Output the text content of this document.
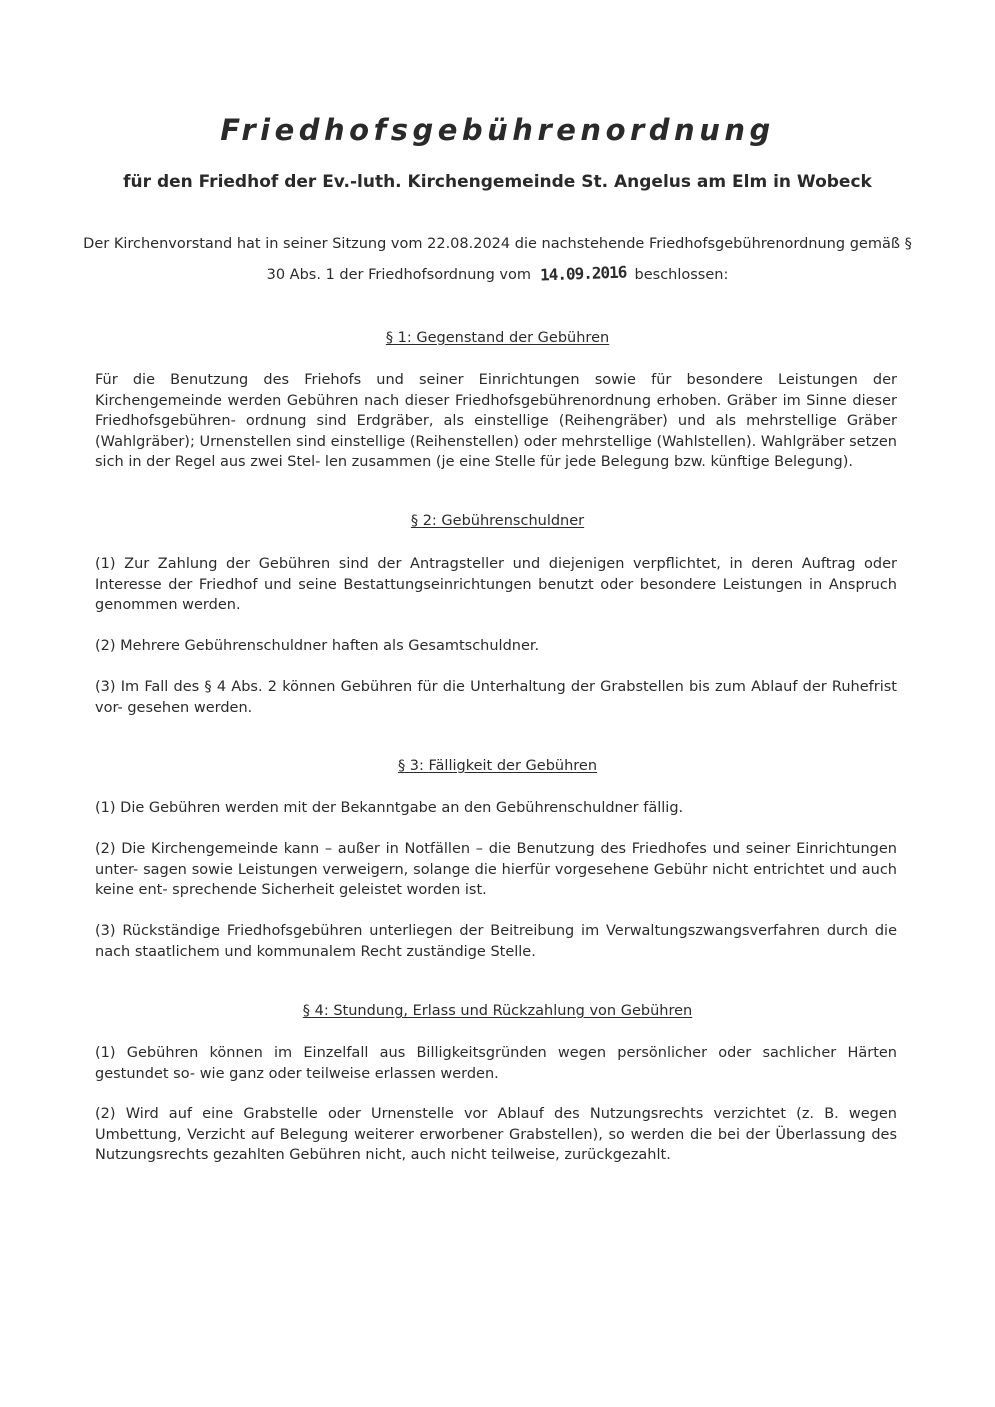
Friedhofsgebührenordnung

für den Friedhof der Ev.-luth. Kirchengemeinde St. Angelus am Elm in Wobeck

Der Kirchenvorstand hat in seiner Sitzung vom 22.08.2024 die nachstehende Friedhofsgebührenordnung gemäß § 30 Abs. 1 der Friedhofsordnung vom 14.09.2016 beschlossen:

§ 1: Gegenstand der Gebühren

Für die Benutzung des Friehofs und seiner Einrichtungen sowie für besondere Leistungen der Kirchengemeinde werden Gebühren nach dieser Friedhofsgebührenordnung erhoben. Gräber im Sinne dieser Friedhofsgebühren- ordnung sind Erdgräber, als einstellige (Reihengräber) und als mehrstellige Gräber (Wahlgräber); Urnenstellen sind einstellige (Reihenstellen) oder mehrstellige (Wahlstellen). Wahlgräber setzen sich in der Regel aus zwei Stel- len zusammen (je eine Stelle für jede Belegung bzw. künftige Belegung).

§ 2: Gebührenschuldner

(1) Zur Zahlung der Gebühren sind der Antragsteller und diejenigen verpflichtet, in deren Auftrag oder Interesse der Friedhof und seine Bestattungseinrichtungen benutzt oder besondere Leistungen in Anspruch genommen werden.

(2) Mehrere Gebührenschuldner haften als Gesamtschuldner.

(3) Im Fall des § 4 Abs. 2 können Gebühren für die Unterhaltung der Grabstellen bis zum Ablauf der Ruhefrist vor- gesehen werden.

§ 3: Fälligkeit der Gebühren

(1) Die Gebühren werden mit der Bekanntgabe an den Gebührenschuldner fällig.

(2) Die Kirchengemeinde kann – außer in Notfällen – die Benutzung des Friedhofes und seiner Einrichtungen unter- sagen sowie Leistungen verweigern, solange die hierfür vorgesehene Gebühr nicht entrichtet und auch keine ent- sprechende Sicherheit geleistet worden ist.

(3) Rückständige Friedhofsgebühren unterliegen der Beitreibung im Verwaltungszwangsverfahren durch die nach staatlichem und kommunalem Recht zuständige Stelle.

§ 4: Stundung, Erlass und Rückzahlung von Gebühren

(1) Gebühren können im Einzelfall aus Billigkeitsgründen wegen persönlicher oder sachlicher Härten gestundet so- wie ganz oder teilweise erlassen werden.

(2) Wird auf eine Grabstelle oder Urnenstelle vor Ablauf des Nutzungsrechts verzichtet (z. B. wegen Umbettung, Verzicht auf Belegung weiterer erworbener Grabstellen), so werden die bei der Überlassung des Nutzungsrechts gezahlten Gebühren nicht, auch nicht teilweise, zurückgezahlt.
